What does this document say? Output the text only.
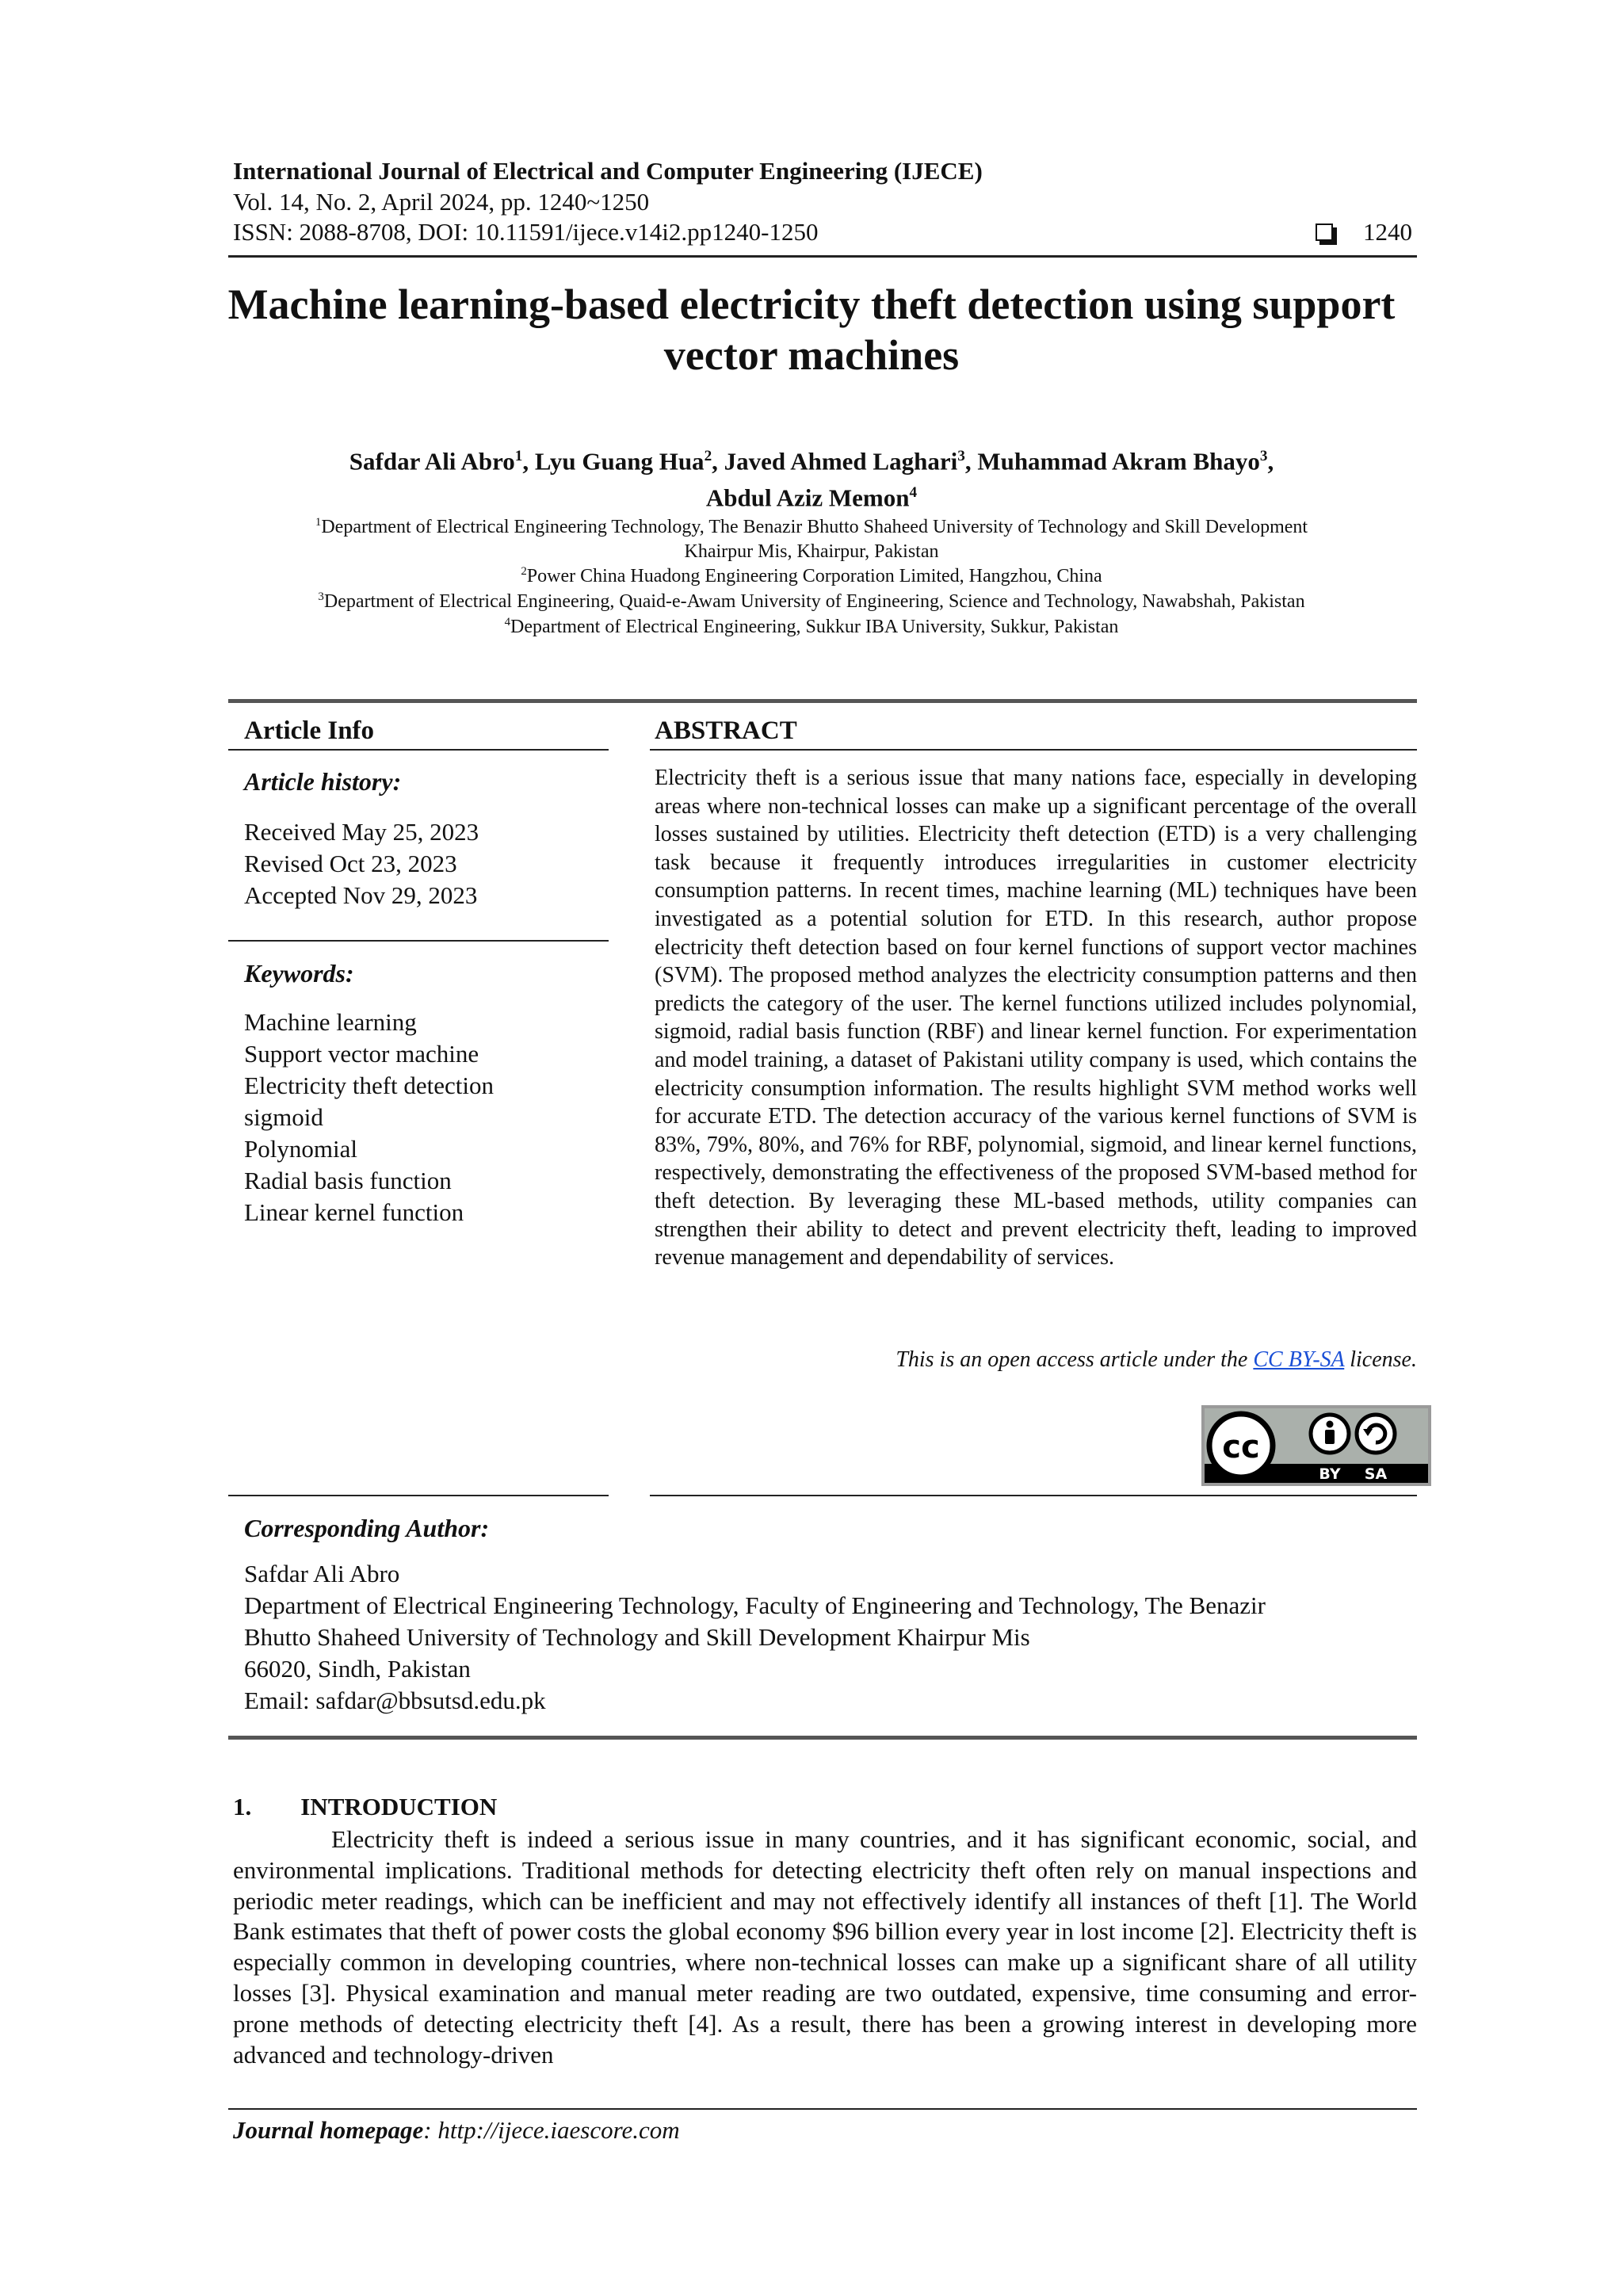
International Journal of Electrical and Computer Engineering (IJECE)
Vol. 14, No. 2, April 2024, pp. 1240~1250
ISSN: 2088-8708, DOI: 10.11591/ijece.v14i2.pp1240-1250	1240
Machine learning-based electricity theft detection using support
vector machines
Safdar Ali Abro$^1$, Lyu Guang Hua$^2$, Javed Ahmed Laghari$^3$, Muhammad Akram Bhayo$^3$,
Abdul Aziz Memon$^4$
$^1$Department of Electrical Engineering Technology, The Benazir Bhutto Shaheed University of Technology and Skill Development
Khairpur Mis, Khairpur, Pakistan
$^2$Power China Huadong Engineering Corporation Limited, Hangzhou, China
$^3$Department of Electrical Engineering, Quaid-e-Awam University of Engineering, Science and Technology, Nawabshah, Pakistan
$^4$Department of Electrical Engineering, Sukkur IBA University, Sukkur, Pakistan
Article Info
Article history:
Received May 25, 2023
Revised Oct 23, 2023
Accepted Nov 29, 2023
Keywords:
Machine learning
Support vector machine
Electricity theft detection
sigmoid
Polynomial
Radial basis function
Linear kernel function
ABSTRACT
Electricity theft is a serious issue that many nations face, especially in developing areas where non-technical losses can make up a significant percentage of the overall losses sustained by utilities. Electricity theft detection (ETD) is a very challenging task because it frequently introduces irregularities in customer electricity consumption patterns. In recent times, machine learning (ML) techniques have been investigated as a potential solution for ETD. In this research, author propose electricity theft detection based on four kernel functions of support vector machines (SVM). The proposed method analyzes the electricity consumption patterns and then predicts the category of the user. The kernel functions utilized includes polynomial, sigmoid, radial basis function (RBF) and linear kernel function. For experimentation and model training, a dataset of Pakistani utility company is used, which contains the electricity consumption information. The results highlight SVM method works well for accurate ETD. The detection accuracy of the various kernel functions of SVM is 83%, 79%, 80%, and 76% for RBF, polynomial, sigmoid, and linear kernel functions, respectively, demonstrating the effectiveness of the proposed SVM-based method for theft detection. By leveraging these ML-based methods, utility companies can strengthen their ability to detect and prevent electricity theft, leading to improved revenue management and dependability of services.
This is an open access article under the CC BY-SA license.
cc
BY SA
Corresponding Author:
Safdar Ali Abro
Department of Electrical Engineering Technology, Faculty of Engineering and Technology, The Benazir
Bhutto Shaheed University of Technology and Skill Development Khairpur Mis
66020, Sindh, Pakistan
Email: safdar@bbsutsd.edu.pk
1.  INTRODUCTION
Electricity theft is indeed a serious issue in many countries, and it has significant economic, social, and environmental implications. Traditional methods for detecting electricity theft often rely on manual inspections and periodic meter readings, which can be inefficient and may not effectively identify all instances of theft [1]. The World Bank estimates that theft of power costs the global economy $96 billion every year in lost income [2]. Electricity theft is especially common in developing countries, where non-technical losses can make up a significant share of all utility losses [3]. Physical examination and manual meter reading are two outdated, expensive, time consuming and error-prone methods of detecting electricity theft [4]. As a result, there has been a growing interest in developing more advanced and technology-driven
Journal homepage: http://ijece.iaescore.com
